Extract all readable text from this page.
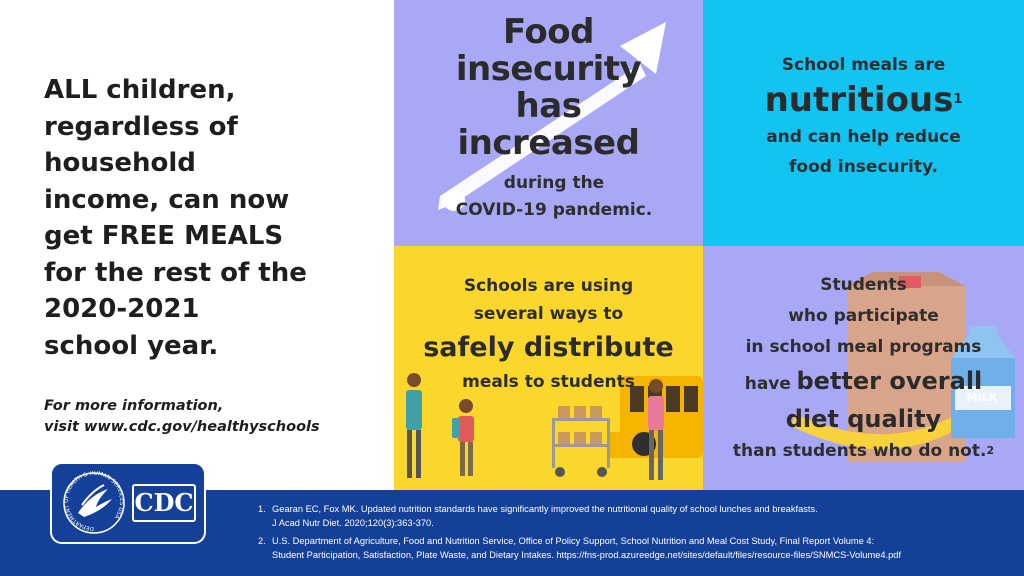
ALL children,
regardless of
household
income, can now
get FREE MEALS
for the rest of the
2020-2021
school year.
For more information,
visit www.cdc.gov/healthyschools
Food
insecurity
has
increased
during the
COVID-19 pandemic.
School meals are
nutritious$^1$
and can help reduce
food insecurity.
Schools are using
several ways to
safely distribute
meals to students
MILK
Students
who participate
in school meal programs
have better overall
diet quality
than students who do not.$^2$
1. Gearan EC, Fox MK. Updated nutrition standards have significantly improved the nutritional quality of school lunches and breakfasts.
J Acad Nutr Diet. 2020;120(3):363-370.
2. U.S. Department of Agriculture, Food and Nutrition Service, Office of Policy Support, School Nutrition and Meal Cost Study, Final Report Volume 4:
Student Participation, Satisfaction, Plate Waste, and Dietary Intakes. https://fns-prod.azureedge.net/sites/default/files/resource-files/SNMCS-Volume4.pdf
DEPARTMENT OF HEALTH & HUMAN SERVICES USA CDC
